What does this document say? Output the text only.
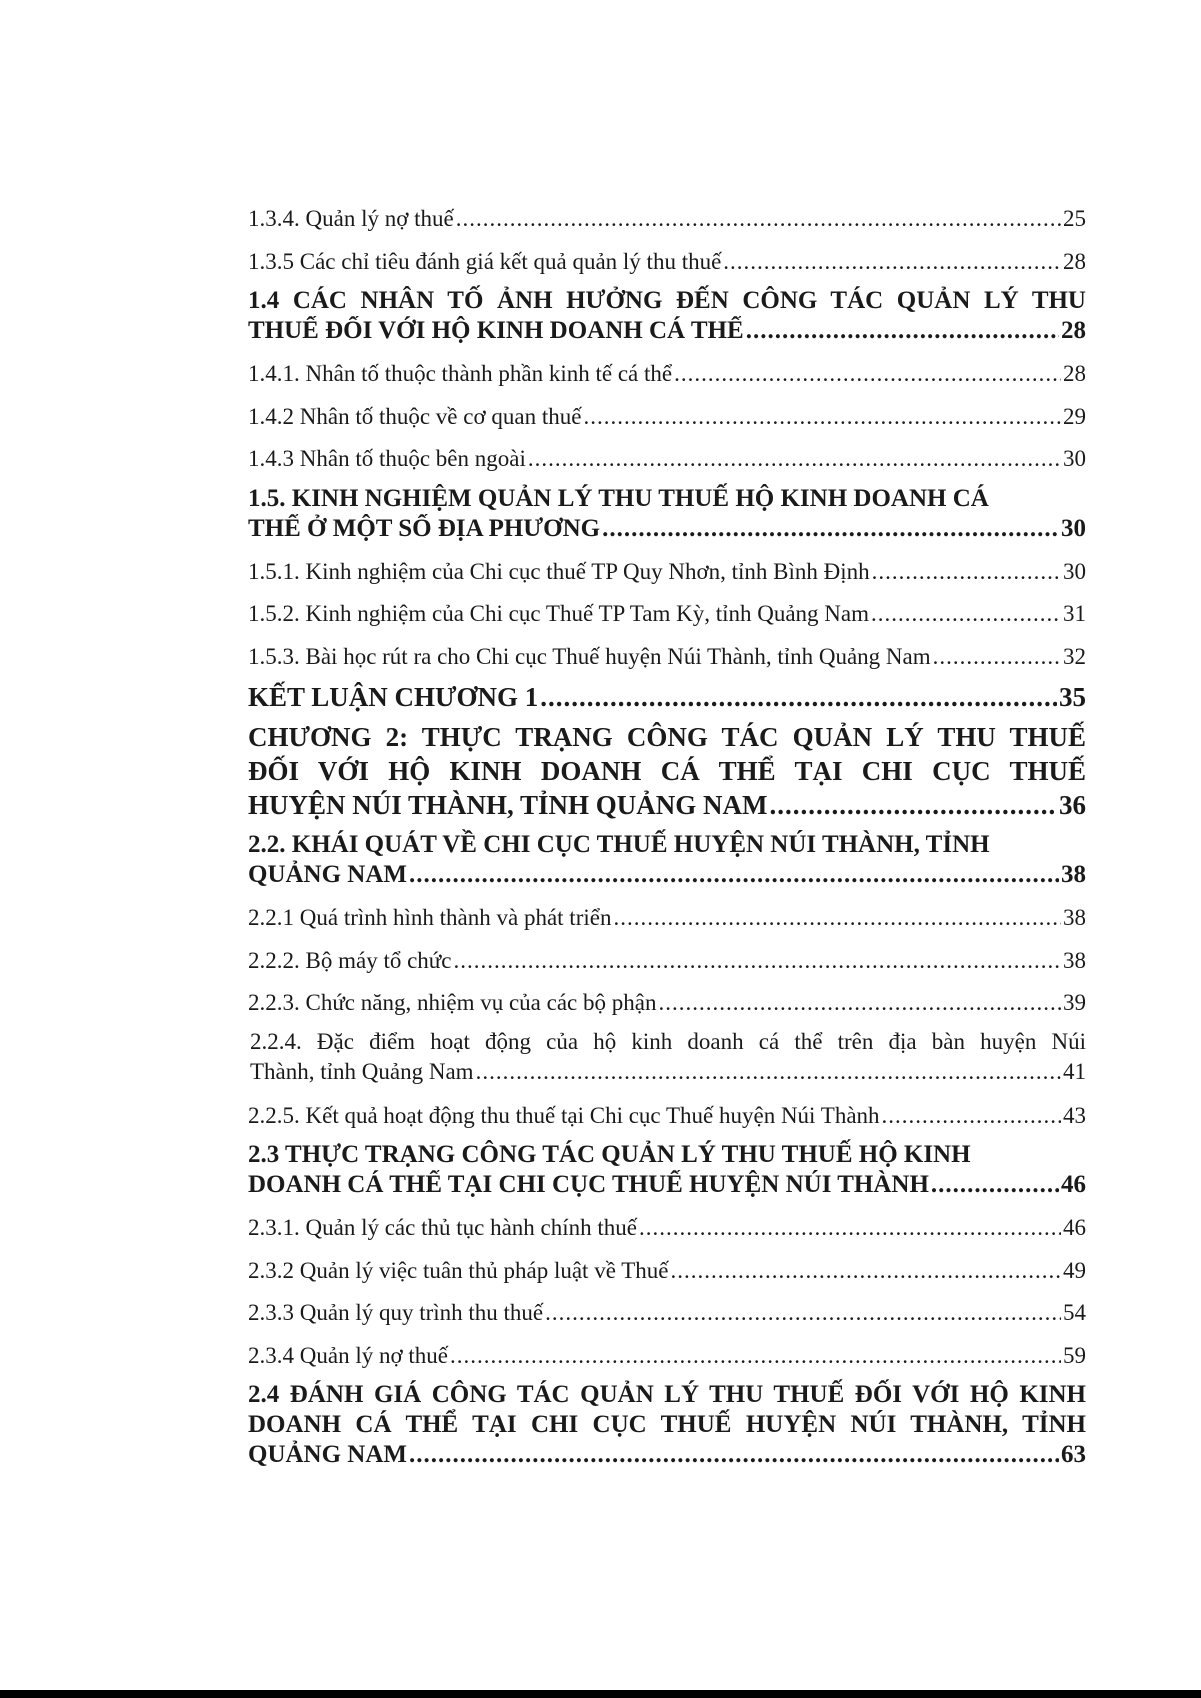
1.3.4. Quản lý nợ thuế .....	25
1.3.5 Các chỉ tiêu đánh giá kết quả quản lý thu thuế .....	28
1.4 CÁC NHÂN TỐ ẢNH HƯỞNG ĐẾN CÔNG TÁC QUẢN LÝ THU
THUẾ ĐỐI VỚI HỘ KINH DOANH CÁ THỂ .....	28
1.4.1. Nhân tố thuộc thành phần kinh tế cá thể .....	28
1.4.2 Nhân tố thuộc về cơ quan thuế .....	29
1.4.3 Nhân tố thuộc bên ngoài .....	30
1.5. KINH NGHIỆM QUẢN LÝ THU THUẾ HỘ KINH DOANH CÁ
THỂ Ở MỘT SỐ ĐỊA PHƯƠNG .....	30
1.5.1. Kinh nghiệm của Chi cục thuế TP Quy Nhơn, tỉnh Bình Định .....	30
1.5.2. Kinh nghiệm của Chi cục Thuế TP Tam Kỳ, tỉnh Quảng Nam .....	31
1.5.3. Bài học rút ra cho Chi cục Thuế huyện Núi Thành, tỉnh Quảng Nam .....	32
KẾT LUẬN CHƯƠNG 1 .....	35
CHƯƠNG 2: THỰC TRẠNG CÔNG TÁC QUẢN LÝ THU THUẾ
ĐỐI VỚI HỘ KINH DOANH CÁ THỂ TẠI CHI CỤC THUẾ
HUYỆN NÚI THÀNH, TỈNH QUẢNG NAM .....	36
2.2. KHÁI QUÁT VỀ CHI CỤC THUẾ HUYỆN NÚI THÀNH, TỈNH
QUẢNG NAM .....	38
2.2.1 Quá trình hình thành và phát triển .....	38
2.2.2. Bộ máy tổ chức .....	38
2.2.3. Chức năng, nhiệm vụ của các bộ phận .....	39
2.2.4. Đặc điểm hoạt động của hộ kinh doanh cá thể trên địa bàn huyện Núi
Thành, tỉnh Quảng Nam .....	41
2.2.5. Kết quả hoạt động thu thuế tại Chi cục Thuế huyện Núi Thành .....	43
2.3 THỰC TRẠNG CÔNG TÁC QUẢN LÝ THU THUẾ HỘ KINH
DOANH CÁ THỂ TẠI CHI CỤC THUẾ HUYỆN NÚI THÀNH .....	46
2.3.1. Quản lý các thủ tục hành chính thuế .....	46
2.3.2 Quản lý việc tuân thủ pháp luật về Thuế .....	49
2.3.3 Quản lý quy trình thu thuế .....	54
2.3.4 Quản lý nợ thuế .....	59
2.4 ĐÁNH GIÁ CÔNG TÁC QUẢN LÝ THU THUẾ ĐỐI VỚI HỘ KINH
DOANH CÁ THỂ TẠI CHI CỤC THUẾ HUYỆN NÚI THÀNH, TỈNH
QUẢNG NAM .....	63
